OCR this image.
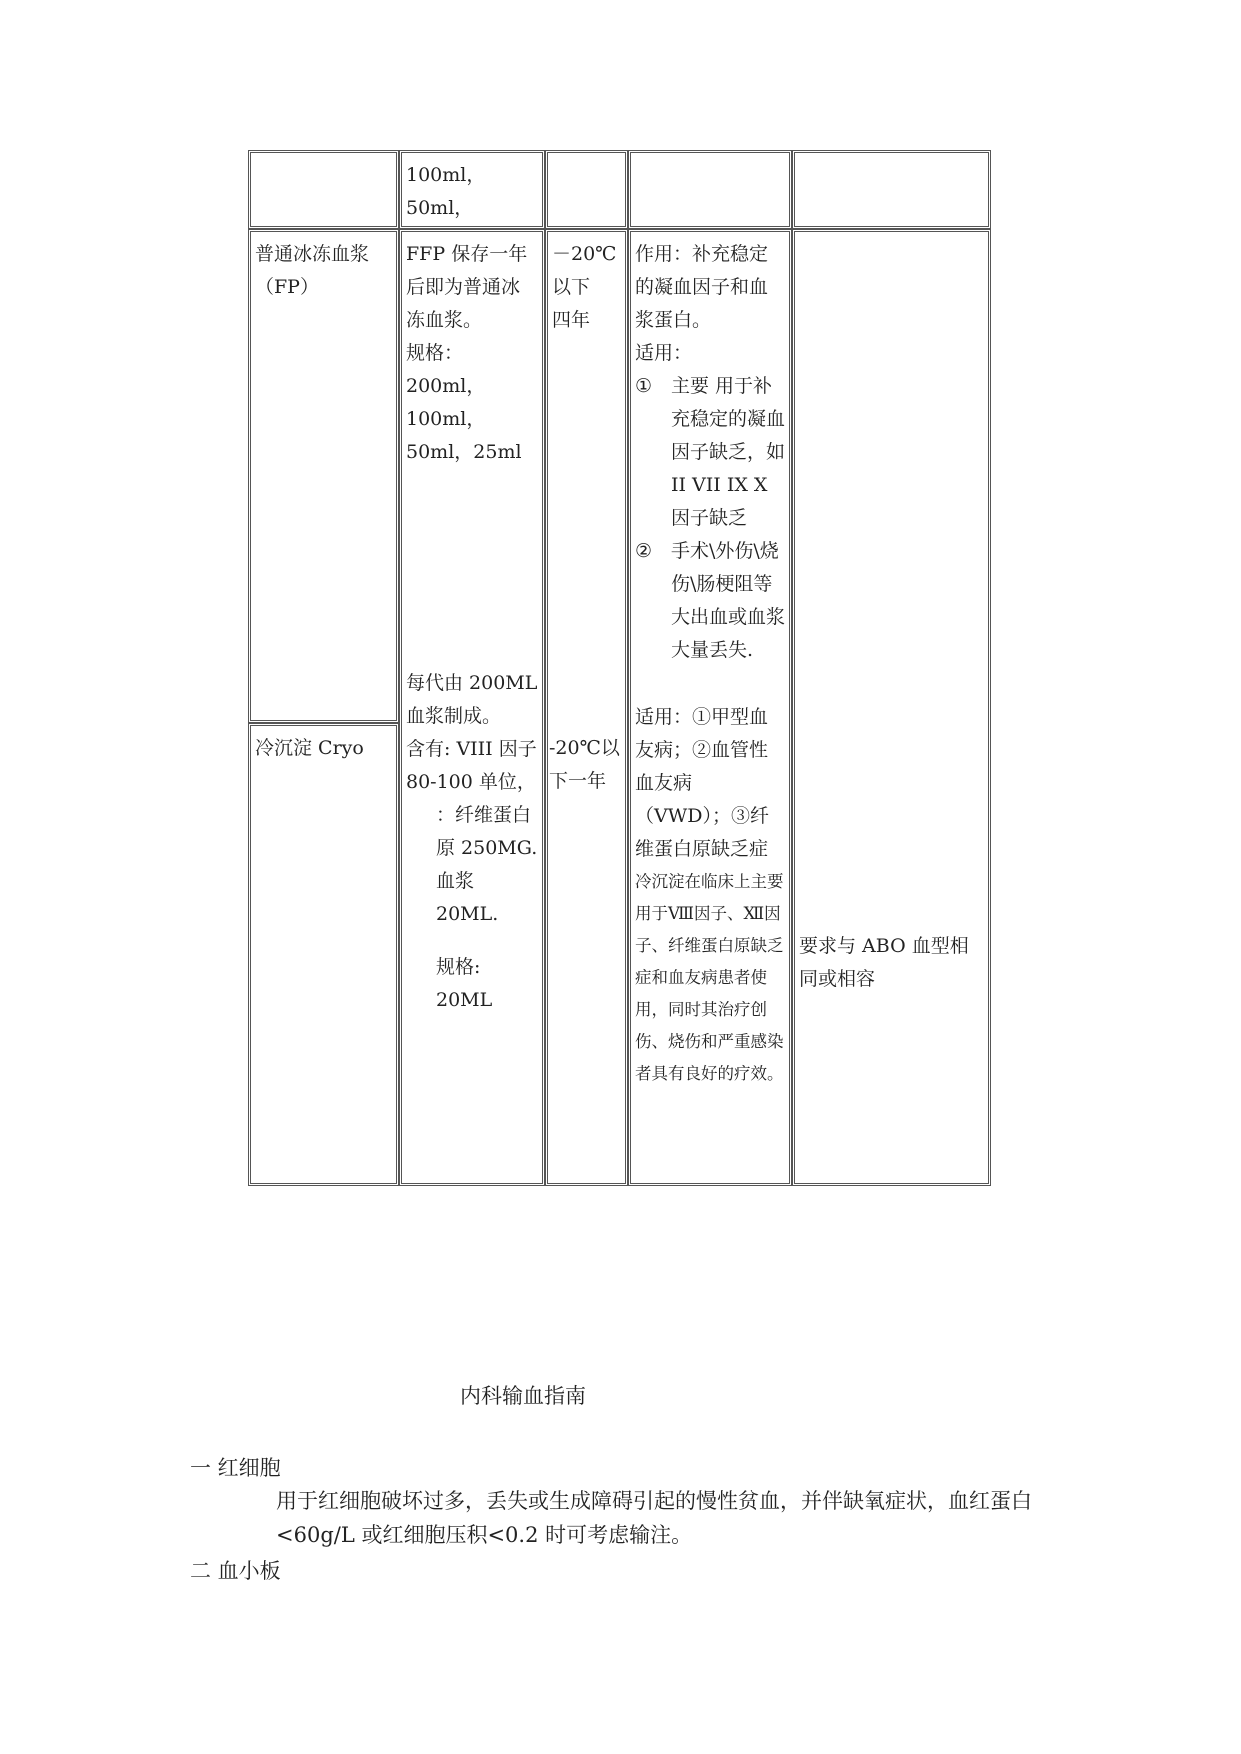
100ml，50ml，

普通冰冻血浆

（FP）

冷沉淀 Cryo

FFP 保存一年后即为普通冰冻血浆。

规格：200ml，100ml，50ml，25ml

每代由 200ML 血浆制成。

含有: VIII 因子 80-100 单位，

：纤维蛋白原 250MG.

血浆 20ML.

规格: 20ML

－20℃以下

四年

-20℃以下一年

作用：补充稳定的凝血因子和血浆蛋白。

适用：

① 主要 用于补充稳定的凝血因子缺乏，如 II VII IX X 因子缺乏
② 手术\外伤\烧伤\肠梗阻等大出血或血浆大量丢失.

适用：①甲型血友病；②血管性血友病（VWD）；③纤维蛋白原缺乏症

冷沉淀在临床上主要用于Ⅷ因子、Ⅻ因子、纤维蛋白原缺乏症和血友病患者使用，同时其治疗创伤、烧伤和严重感染者具有良好的疗效。

要求与 ABO 血型相同或相容

内科输血指南
一 红细胞
用于红细胞破坏过多，丢失或生成障碍引起的慢性贫血，并伴缺氧症状，血红蛋白<60g/L 或红细胞压积<0.2 时可考虑输注。
二 血小板
